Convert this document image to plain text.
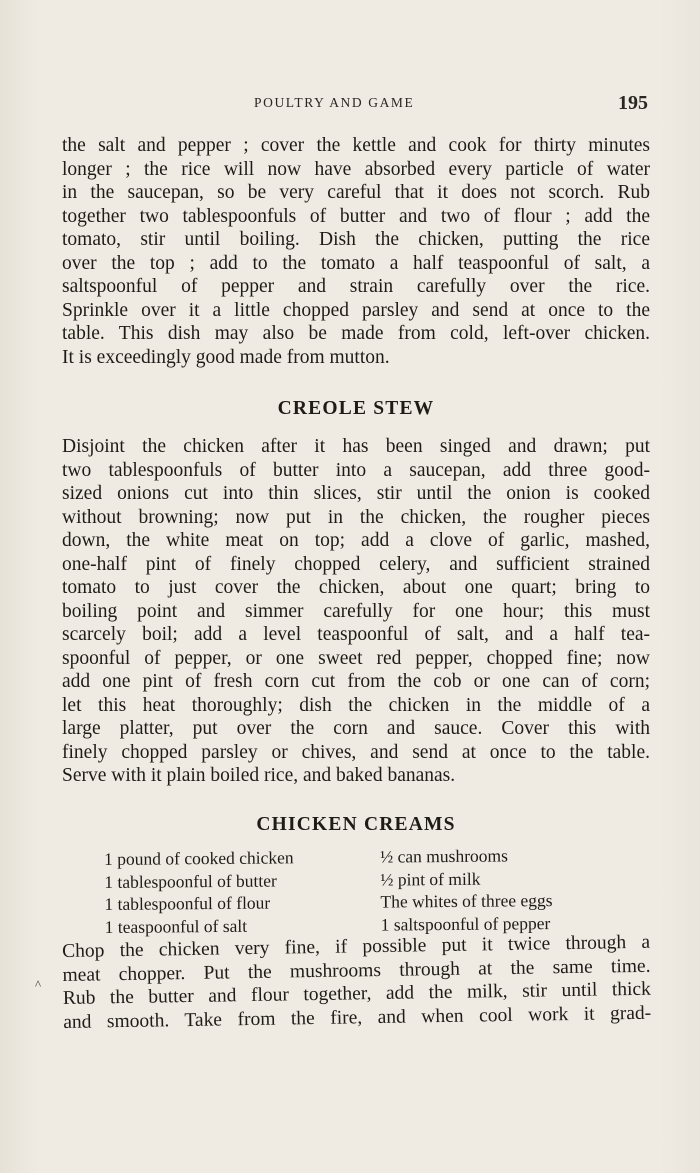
POULTRY AND GAME	195
the salt and pepper ; cover the kettle and cook for thirty minutes
longer ; the rice will now have absorbed every particle of water
in the saucepan, so be very careful that it does not scorch. Rub
together two tablespoonfuls of butter and two of flour ; add the
tomato, stir until boiling. Dish the chicken, putting the rice
over the top ; add to the tomato a half teaspoonful of salt, a
saltspoonful of pepper and strain carefully over the rice.
Sprinkle over it a little chopped parsley and send at once to the
table. This dish may also be made from cold, left-over chicken.
It is exceedingly good made from mutton.
CREOLE STEW
Disjoint the chicken after it has been singed and drawn; put
two tablespoonfuls of butter into a saucepan, add three good-
sized onions cut into thin slices, stir until the onion is cooked
without browning; now put in the chicken, the rougher pieces
down, the white meat on top; add a clove of garlic, mashed,
one-half pint of finely chopped celery, and sufficient strained
tomato to just cover the chicken, about one quart; bring to
boiling point and simmer carefully for one hour; this must
scarcely boil; add a level teaspoonful of salt, and a half tea-
spoonful of pepper, or one sweet red pepper, chopped fine; now
add one pint of fresh corn cut from the cob or one can of corn;
let this heat thoroughly; dish the chicken in the middle of a
large platter, put over the corn and sauce. Cover this with
finely chopped parsley or chives, and send at once to the table.
Serve with it plain boiled rice, and baked bananas.
CHICKEN CREAMS
1 pound of cooked chicken	½ can mushrooms
1 tablespoonful of butter	½ pint of milk
1 tablespoonful of flour	The whites of three eggs
1 teaspoonful of salt	1 saltspoonful of pepper
^
Chop the chicken very fine, if possible put it twice through a
meat chopper. Put the mushrooms through at the same time.
Rub the butter and flour together, add the milk, stir until thick
and smooth. Take from the fire, and when cool work it grad-
